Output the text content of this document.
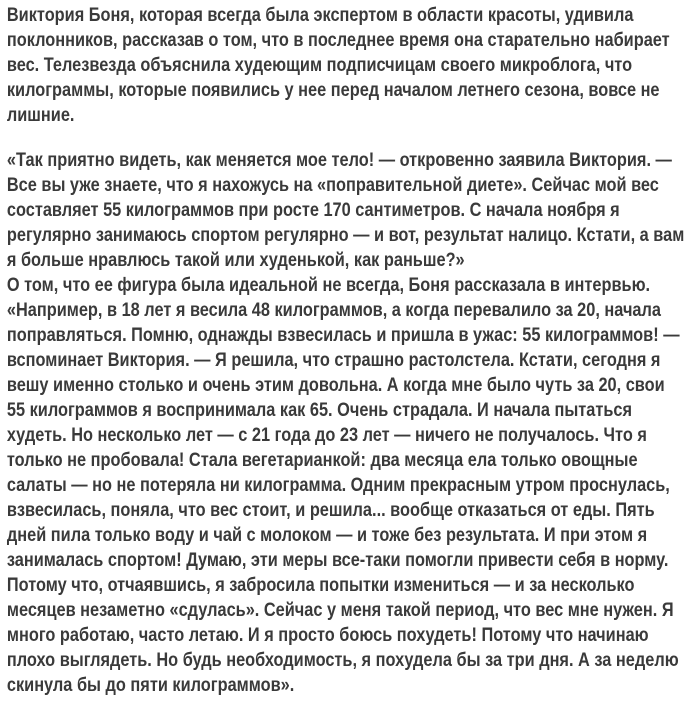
Виктория Боня, которая всегда была экспертом в области красоты, удивила
поклонников, рассказав о том, что в последнее время она старательно набирает
вес. Телезвезда объяснила худеющим подписчицам своего микроблога, что
килограммы, которые появились у нее перед началом летнего сезона, вовсе не
лишние.

«Так приятно видеть, как меняется мое тело! — откровенно заявила Виктория. —
Все вы уже знаете, что я нахожусь на «поправительной диете». Сейчас мой вес
составляет 55 килограммов при росте 170 сантиметров. С начала ноября я
регулярно занимаюсь спортом регулярно — и вот, результат налицо. Кстати, а вам
я больше нравлюсь такой или худенькой, как раньше?»
О том, что ее фигура была идеальной не всегда, Боня рассказала в интервью.
«Например, в 18 лет я весила 48 килограммов, а когда перевалило за 20, начала
поправляться. Помню, однажды взвесилась и пришла в ужас: 55 килограммов! —
вспоминает Виктория. — Я решила, что страшно растолстела. Кстати, сегодня я
вешу именно столько и очень этим довольна. А когда мне было чуть за 20, свои
55 килограммов я воспринимала как 65. Очень страдала. И начала пытаться
худеть. Но несколько лет — с 21 года до 23 лет — ничего не получалось. Что я
только не пробовала! Стала вегетарианкой: два месяца ела только овощные
салаты — но не потеряла ни килограмма. Одним прекрасным утром проснулась,
взвесилась, поняла, что вес стоит, и решила... вообще отказаться от еды. Пять
дней пила только воду и чай с молоком — и тоже без результата. И при этом я
занималась спортом! Думаю, эти меры все-таки помогли привести себя в норму.
Потому что, отчаявшись, я забросила попытки измениться — и за несколько
месяцев незаметно «сдулась». Сейчас у меня такой период, что вес мне нужен. Я
много работаю, часто летаю. И я просто боюсь похудеть! Потому что начинаю
плохо выглядеть. Но будь необходимость, я похудела бы за три дня. А за неделю
скинула бы до пяти килограммов».
